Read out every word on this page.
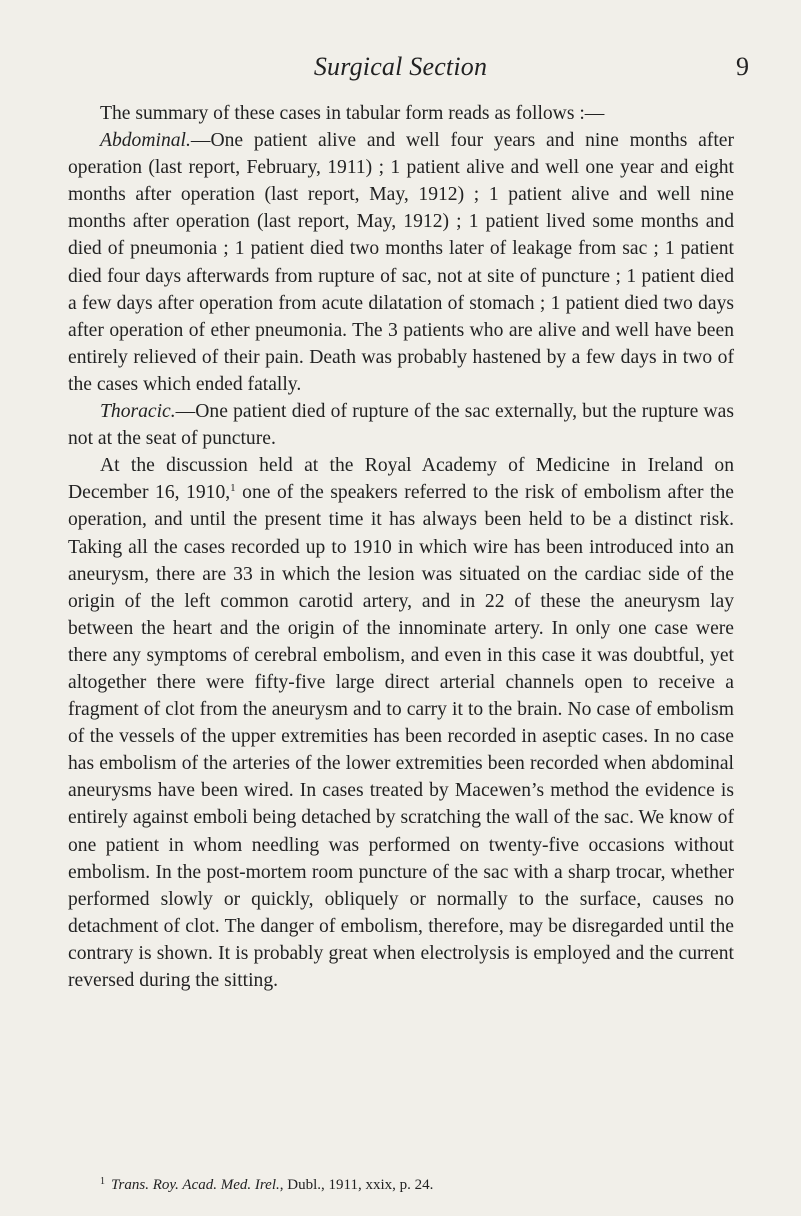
Surgical Section	9

The summary of these cases in tabular form reads as follows :—

Abdominal.—One patient alive and well four years and nine months after operation (last report, February, 1911) ; 1 patient alive and well one year and eight months after operation (last report, May, 1912) ; 1 patient alive and well nine months after operation (last report, May, 1912) ; 1 patient lived some months and died of pneumonia ; 1 patient died two months later of leakage from sac ; 1 patient died four days afterwards from rupture of sac, not at site of puncture ; 1 patient died a few days after operation from acute dilatation of stomach ; 1 patient died two days after operation of ether pneumonia. The 3 patients who are alive and well have been entirely relieved of their pain. Death was probably hastened by a few days in two of the cases which ended fatally.

Thoracic.—One patient died of rupture of the sac externally, but the rupture was not at the seat of puncture.

At the discussion held at the Royal Academy of Medicine in Ireland on December 16, 1910,$^1$ one of the speakers referred to the risk of embolism after the operation, and until the present time it has always been held to be a distinct risk. Taking all the cases recorded up to 1910 in which wire has been introduced into an aneurysm, there are 33 in which the lesion was situated on the cardiac side of the origin of the left common carotid artery, and in 22 of these the aneurysm lay between the heart and the origin of the innominate artery. In only one case were there any symptoms of cerebral embolism, and even in this case it was doubtful, yet altogether there were fifty-five large direct arterial channels open to receive a fragment of clot from the aneurysm and to carry it to the brain. No case of embolism of the vessels of the upper extremities has been recorded in aseptic cases. In no case has embolism of the arteries of the lower extremities been recorded when abdominal aneurysms have been wired. In cases treated by Macewen’s method the evidence is entirely against emboli being detached by scratching the wall of the sac. We know of one patient in whom needling was performed on twenty-five occasions without embolism. In the post-mortem room puncture of the sac with a sharp trocar, whether performed slowly or quickly, obliquely or normally to the surface, causes no detachment of clot. The danger of embolism, therefore, may be disregarded until the contrary is shown. It is probably great when electrolysis is employed and the current reversed during the sitting.

$^1$ Trans. Roy. Acad. Med. Irel., Dubl., 1911, xxix, p. 24.
